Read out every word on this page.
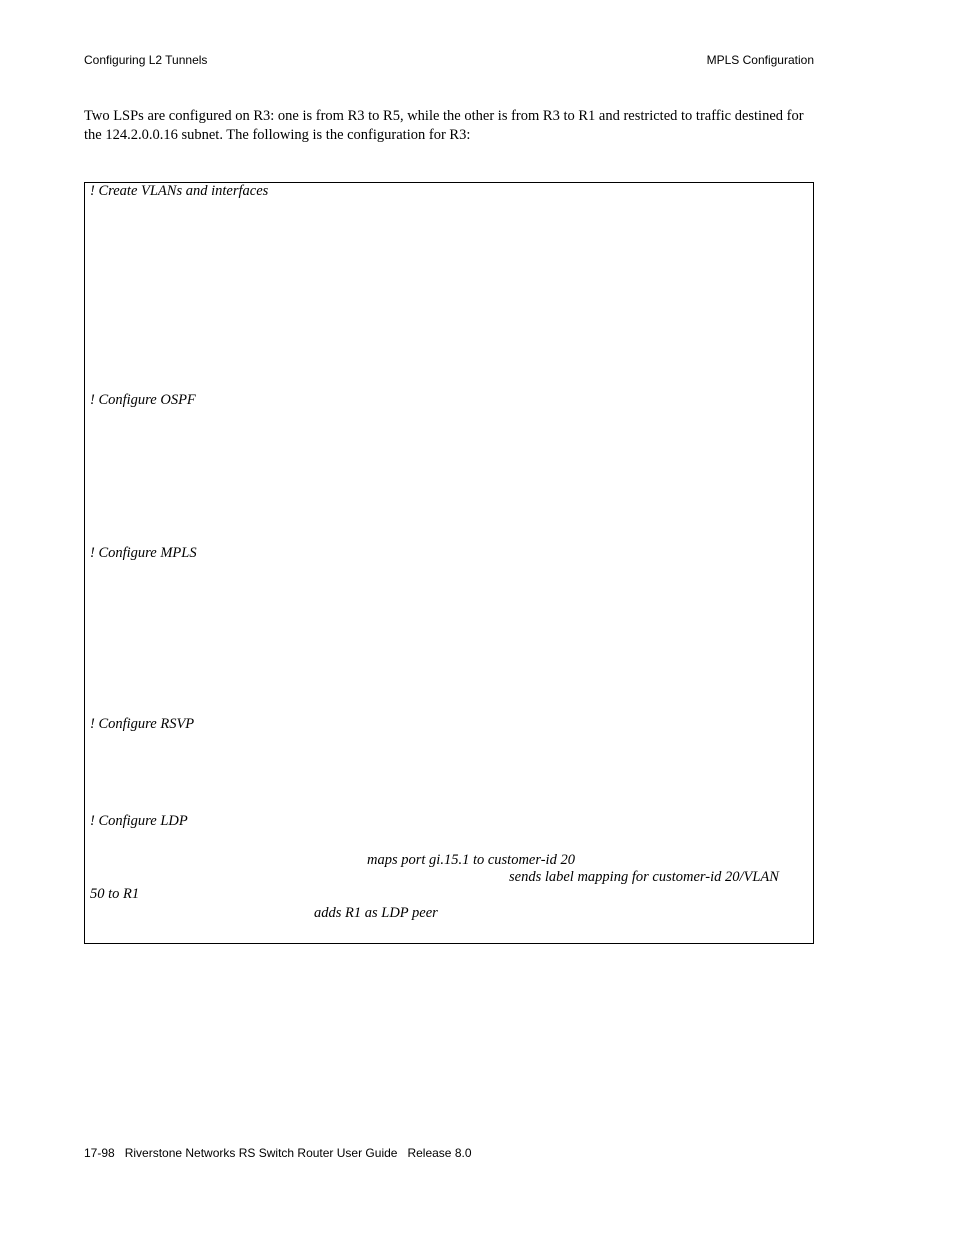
Configuring L2 Tunnels	MPLS Configuration

Two LSPs are configured on R3: one is from R3 to R5, while the other is from R3 to R1 and restricted to traffic destined for the 124.2.0.0.16 subnet. The following is the configuration for R3:

! Create VLANs and interfaces
! Configure OSPF
! Configure MPLS
! Configure RSVP
! Configure LDP
maps port gi.15.1 to customer-id 20
sends label mapping for customer-id 20/VLAN
50 to R1
adds R1 as LDP peer
17-98   Riverstone Networks RS Switch Router User Guide   Release 8.0
